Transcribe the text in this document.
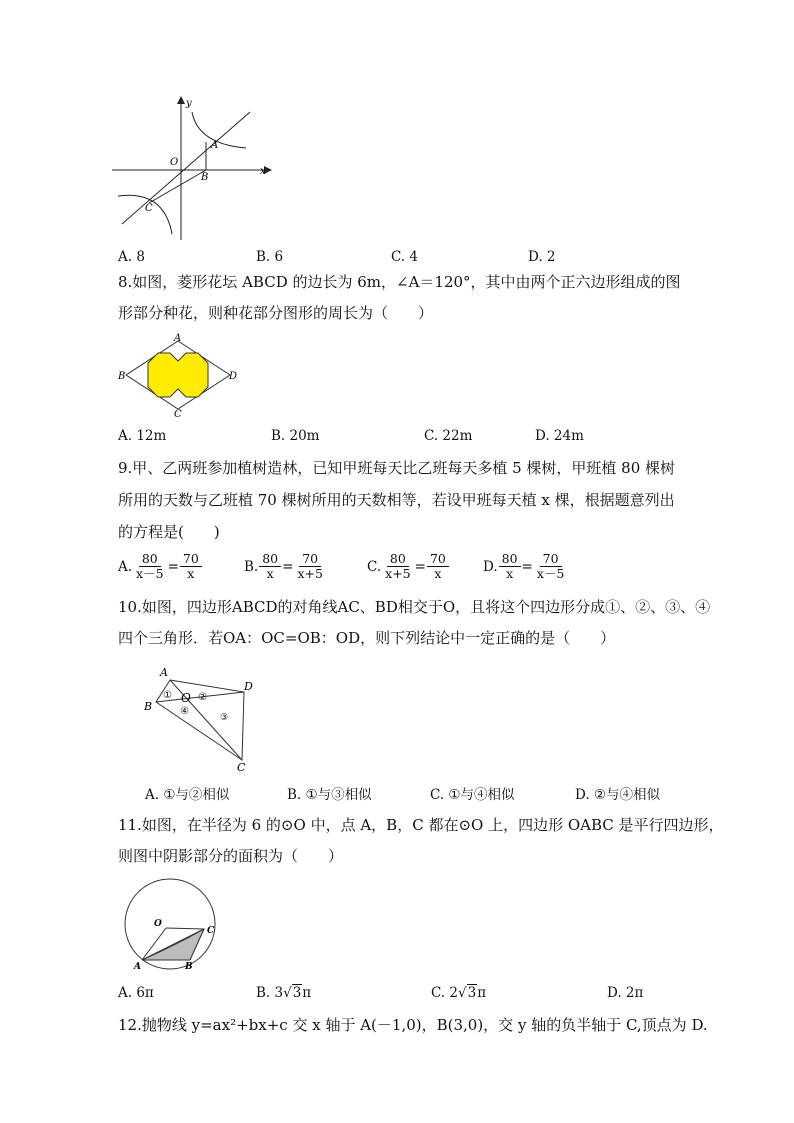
y
x
O
A
B
C
A. 8	B. 6	C. 4	D. 2
8.如图，菱形花坛 ABCD 的边长为 6m，∠A＝120°，其中由两个正六边形组成的图
形部分种花，则种花部分图形的周长为（　　）
A
B
C
D
A. 12m	B. 20m	C. 22m	D. 24m
9.甲、乙两班参加植树造林，已知甲班每天比乙班每天多植 5 棵树，甲班植 80 棵树
所用的天数与乙班植 70 棵树所用的天数相等，若设甲班每天植 x 棵，根据题意列出
的方程是(　　)
A. $\frac{80}{x-5} = \frac{70}{x}$	B. $\frac{80}{x} = \frac{70}{x+5}$	C. $\frac{80}{x+5} = \frac{70}{x}$	D. $\frac{80}{x} = \frac{70}{x-5}$
10.如图，四边形ABCD的对角线AC、BD相交于O，且将这个四边形分成①、②、③、④
四个三角形．若OA：OC=OB：OD，则下列结论中一定正确的是（　　）
A
B
D
C
O
①	②
③
④
A. ①与②相似	B. ①与③相似	C. ①与④相似	D. ②与④相似
11.如图，在半径为 6 的⊙O 中，点 A，B，C 都在⊙O 上，四边形 OABC 是平行四边形，
则图中阴影部分的面积为（　　）
O
C
A	B
A. 6π	B. 3√3π	C. 2√3π	D. 2π
12.抛物线 y=ax²+bx+c 交 x 轴于 A(－1,0)，B(3,0)，交 y 轴的负半轴于 C,顶点为 D.
